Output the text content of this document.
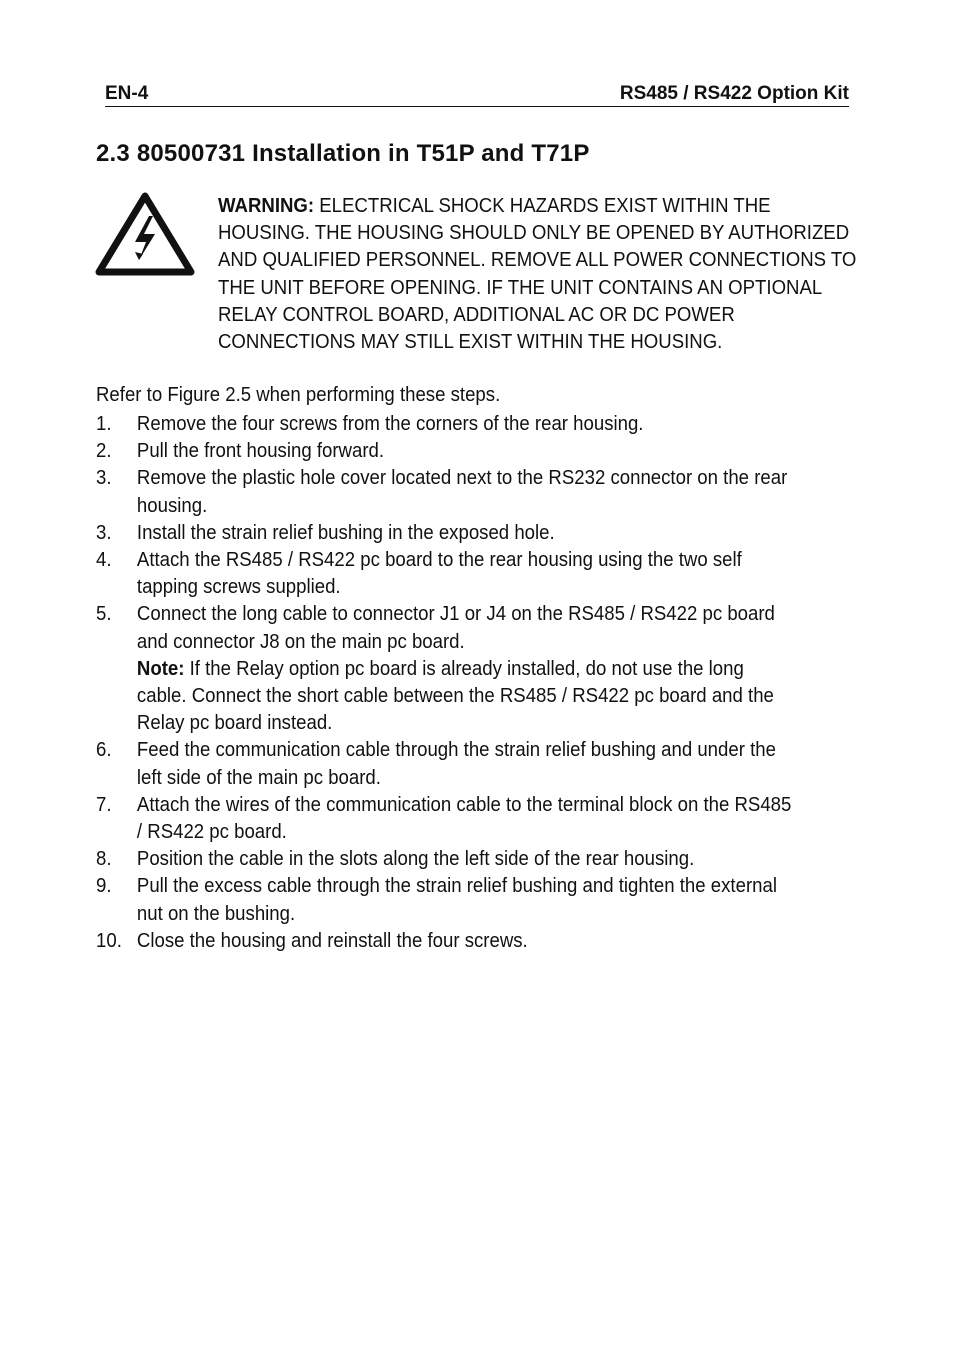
EN-4	RS485 / RS422 Option Kit
2.3 80500731 Installation in T51P and T71P
WARNING: ELECTRICAL SHOCK HAZARDS EXIST WITHIN THE
HOUSING. THE HOUSING SHOULD ONLY BE OPENED BY AUTHORIZED
AND QUALIFIED PERSONNEL. REMOVE ALL POWER CONNECTIONS TO
THE UNIT BEFORE OPENING. IF THE UNIT CONTAINS AN OPTIONAL
RELAY CONTROL BOARD, ADDITIONAL AC OR DC POWER
CONNECTIONS MAY STILL EXIST WITHIN THE HOUSING.
Refer to Figure 2.5 when performing these steps.
1.	Remove the four screws from the corners of the rear housing.
2.	Pull the front housing forward.
3.	Remove the plastic hole cover located next to the RS232 connector on the rear
housing.
3.	Install the strain relief bushing in the exposed hole.
4.	Attach the RS485 / RS422 pc board to the rear housing using the two self
tapping screws supplied.
5.	Connect the long cable to connector J1 or J4 on the RS485 / RS422 pc board
and connector J8 on the main pc board.
Note: If the Relay option pc board is already installed, do not use the long
cable. Connect the short cable between the RS485 / RS422 pc board and the
Relay pc board instead.
6.	Feed the communication cable through the strain relief bushing and under the
left side of the main pc board.
7.	Attach the wires of the communication cable to the terminal block on the RS485
/ RS422 pc board.
8.	Position the cable in the slots along the left side of the rear housing.
9.	Pull the excess cable through the strain relief bushing and tighten the external
nut on the bushing.
10. Close the housing and reinstall the four screws.
